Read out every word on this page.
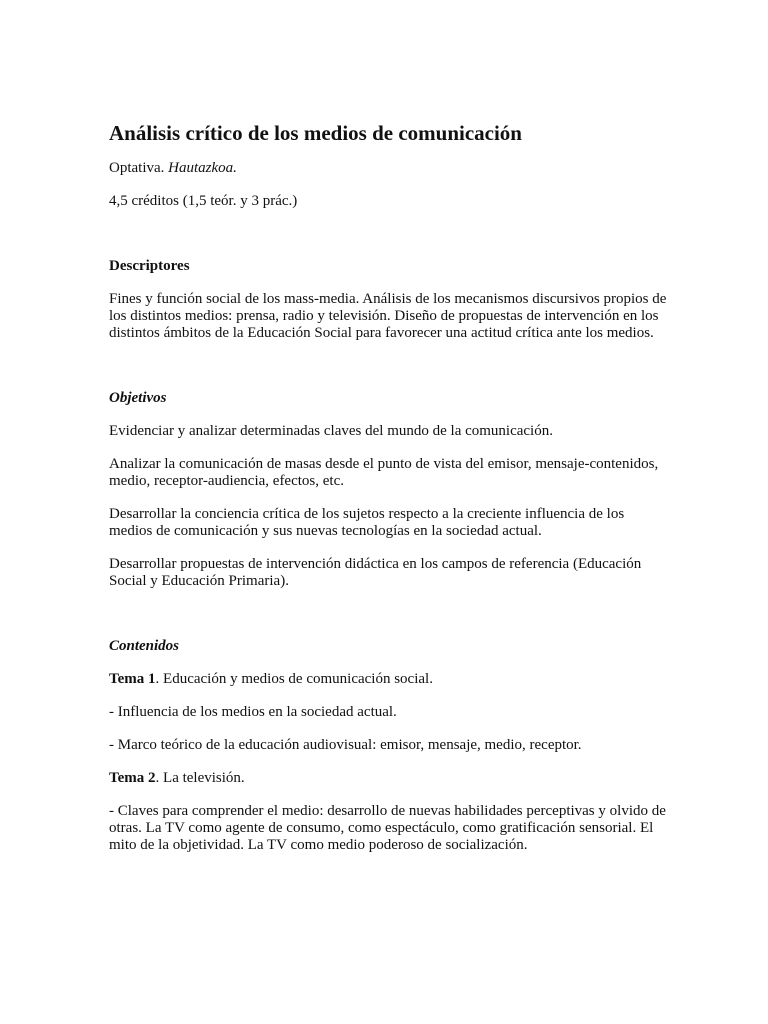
Análisis crítico de los medios de comunicación

Optativa. Hautazkoa.

4,5 créditos (1,5 teór. y 3 prác.)

Descriptores

Fines y función social de los mass-media. Análisis de los mecanismos discursivos propios de los distintos medios: prensa, radio y televisión. Diseño de propuestas de intervención en los distintos ámbitos de la Educación Social para favorecer una actitud crítica ante los medios.

Objetivos

Evidenciar y analizar determinadas claves del mundo de la comunicación.

Analizar la comunicación de masas desde el punto de vista del emisor, mensaje-contenidos, medio, receptor-audiencia, efectos, etc.

Desarrollar la conciencia crítica de los sujetos respecto a la creciente influencia de los medios de comunicación y sus nuevas tecnologías en la sociedad actual.

Desarrollar propuestas de intervención didáctica en los campos de referencia (Educación Social y Educación Primaria).

Contenidos

Tema 1. Educación y medios de comunicación social.

- Influencia de los medios en la sociedad actual.

- Marco teórico de la educación audiovisual: emisor, mensaje, medio, receptor.

Tema 2. La televisión.

- Claves para comprender el medio: desarrollo de nuevas habilidades perceptivas y olvido de otras. La TV como agente de consumo, como espectáculo, como gratificación sensorial. El mito de la objetividad. La TV como medio poderoso de socialización.
